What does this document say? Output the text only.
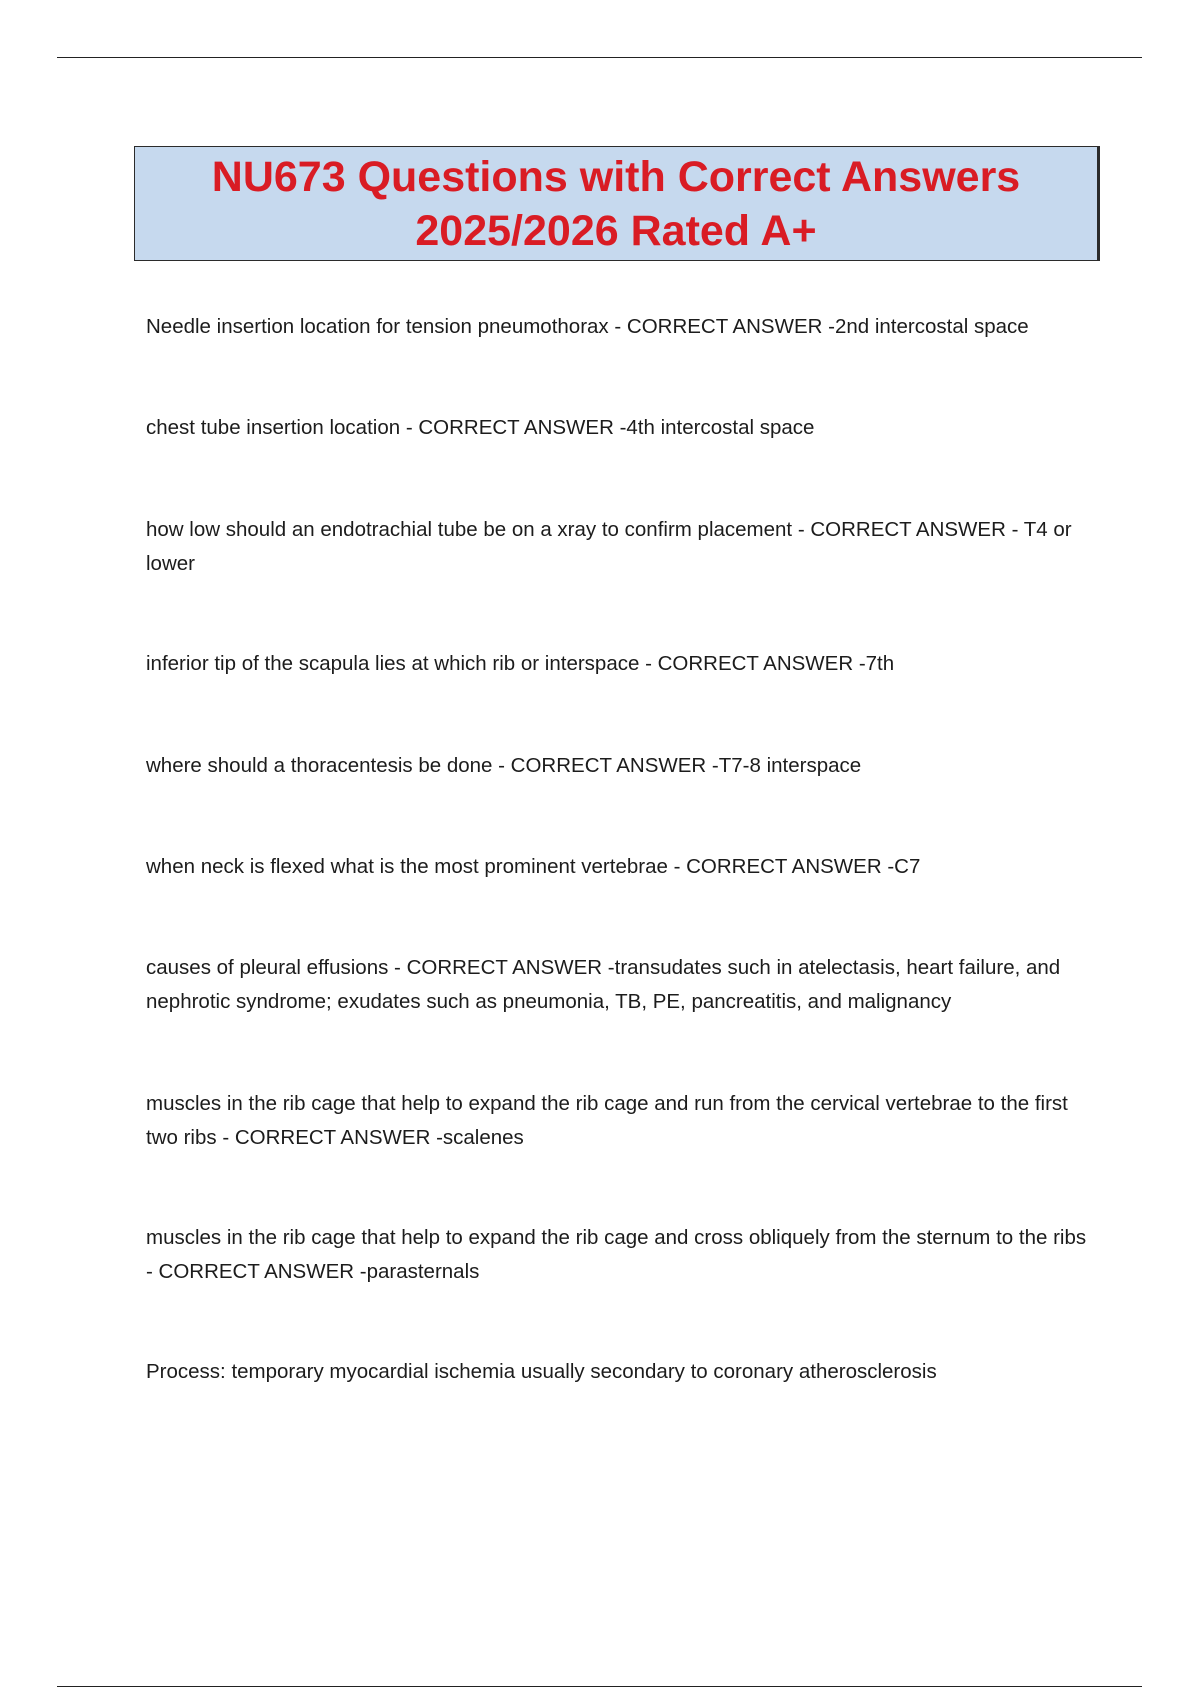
NU673 Questions with Correct Answers
2025/2026 Rated A+
Needle insertion location for tension pneumothorax - CORRECT ANSWER -2nd intercostal space
chest tube insertion location - CORRECT ANSWER -4th intercostal space
how low should an endotrachial tube be on a xray to confirm placement - CORRECT ANSWER - T4 or lower
inferior tip of the scapula lies at which rib or interspace - CORRECT ANSWER -7th
where should a thoracentesis be done - CORRECT ANSWER -T7-8 interspace
when neck is flexed what is the most prominent vertebrae - CORRECT ANSWER -C7
causes of pleural effusions - CORRECT ANSWER -transudates such in atelectasis, heart failure, and nephrotic syndrome; exudates such as pneumonia, TB, PE, pancreatitis, and malignancy
muscles in the rib cage that help to expand the rib cage and run from the cervical vertebrae to the first two ribs - CORRECT ANSWER -scalenes
muscles in the rib cage that help to expand the rib cage and cross obliquely from the sternum to the ribs - CORRECT ANSWER -parasternals
Process: temporary myocardial ischemia usually secondary to coronary atherosclerosis
